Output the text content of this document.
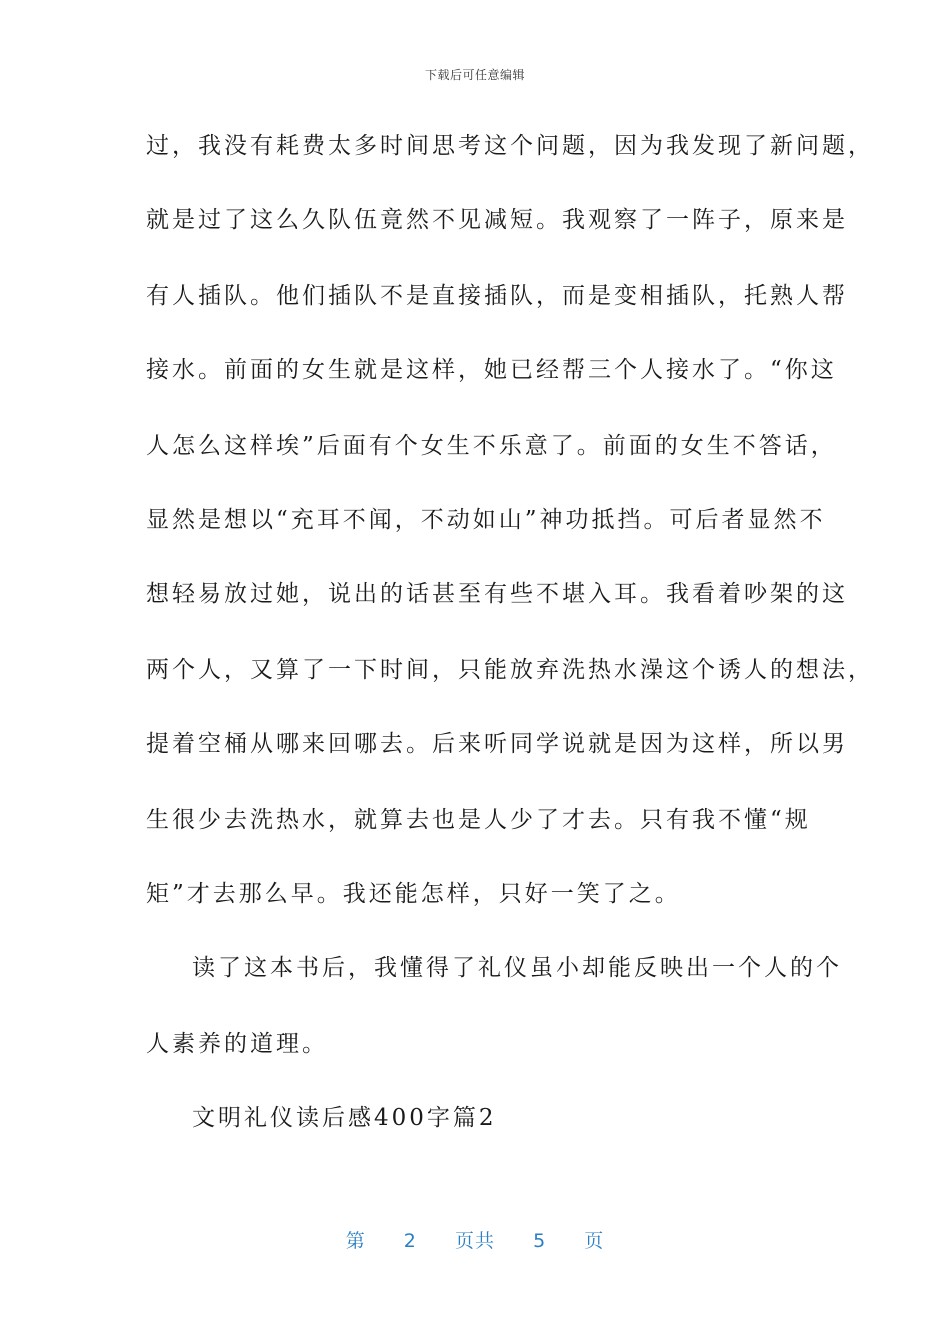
下载后可任意编辑
过，我没有耗费太多时间思考这个问题，因为我发现了新问题，
就是过了这么久队伍竟然不见减短。我观察了一阵子，原来是
有人插队。他们插队不是直接插队，而是变相插队，托熟人帮
接水。前面的女生就是这样，她已经帮三个人接水了。“你这
人怎么这样埃”后面有个女生不乐意了。前面的女生不答话，
显然是想以“充耳不闻，不动如山”神功抵挡。可后者显然不
想轻易放过她，说出的话甚至有些不堪入耳。我看着吵架的这
两个人，又算了一下时间，只能放弃洗热水澡这个诱人的想法，
提着空桶从哪来回哪去。后来听同学说就是因为这样，所以男
生很少去洗热水，就算去也是人少了才去。只有我不懂“规
矩”才去那么早。我还能怎样，只好一笑了之。
读了这本书后，我懂得了礼仪虽小却能反映出一个人的个
人素养的道理。
文明礼仪读后感400字篇2
第 2 页共 5 页
